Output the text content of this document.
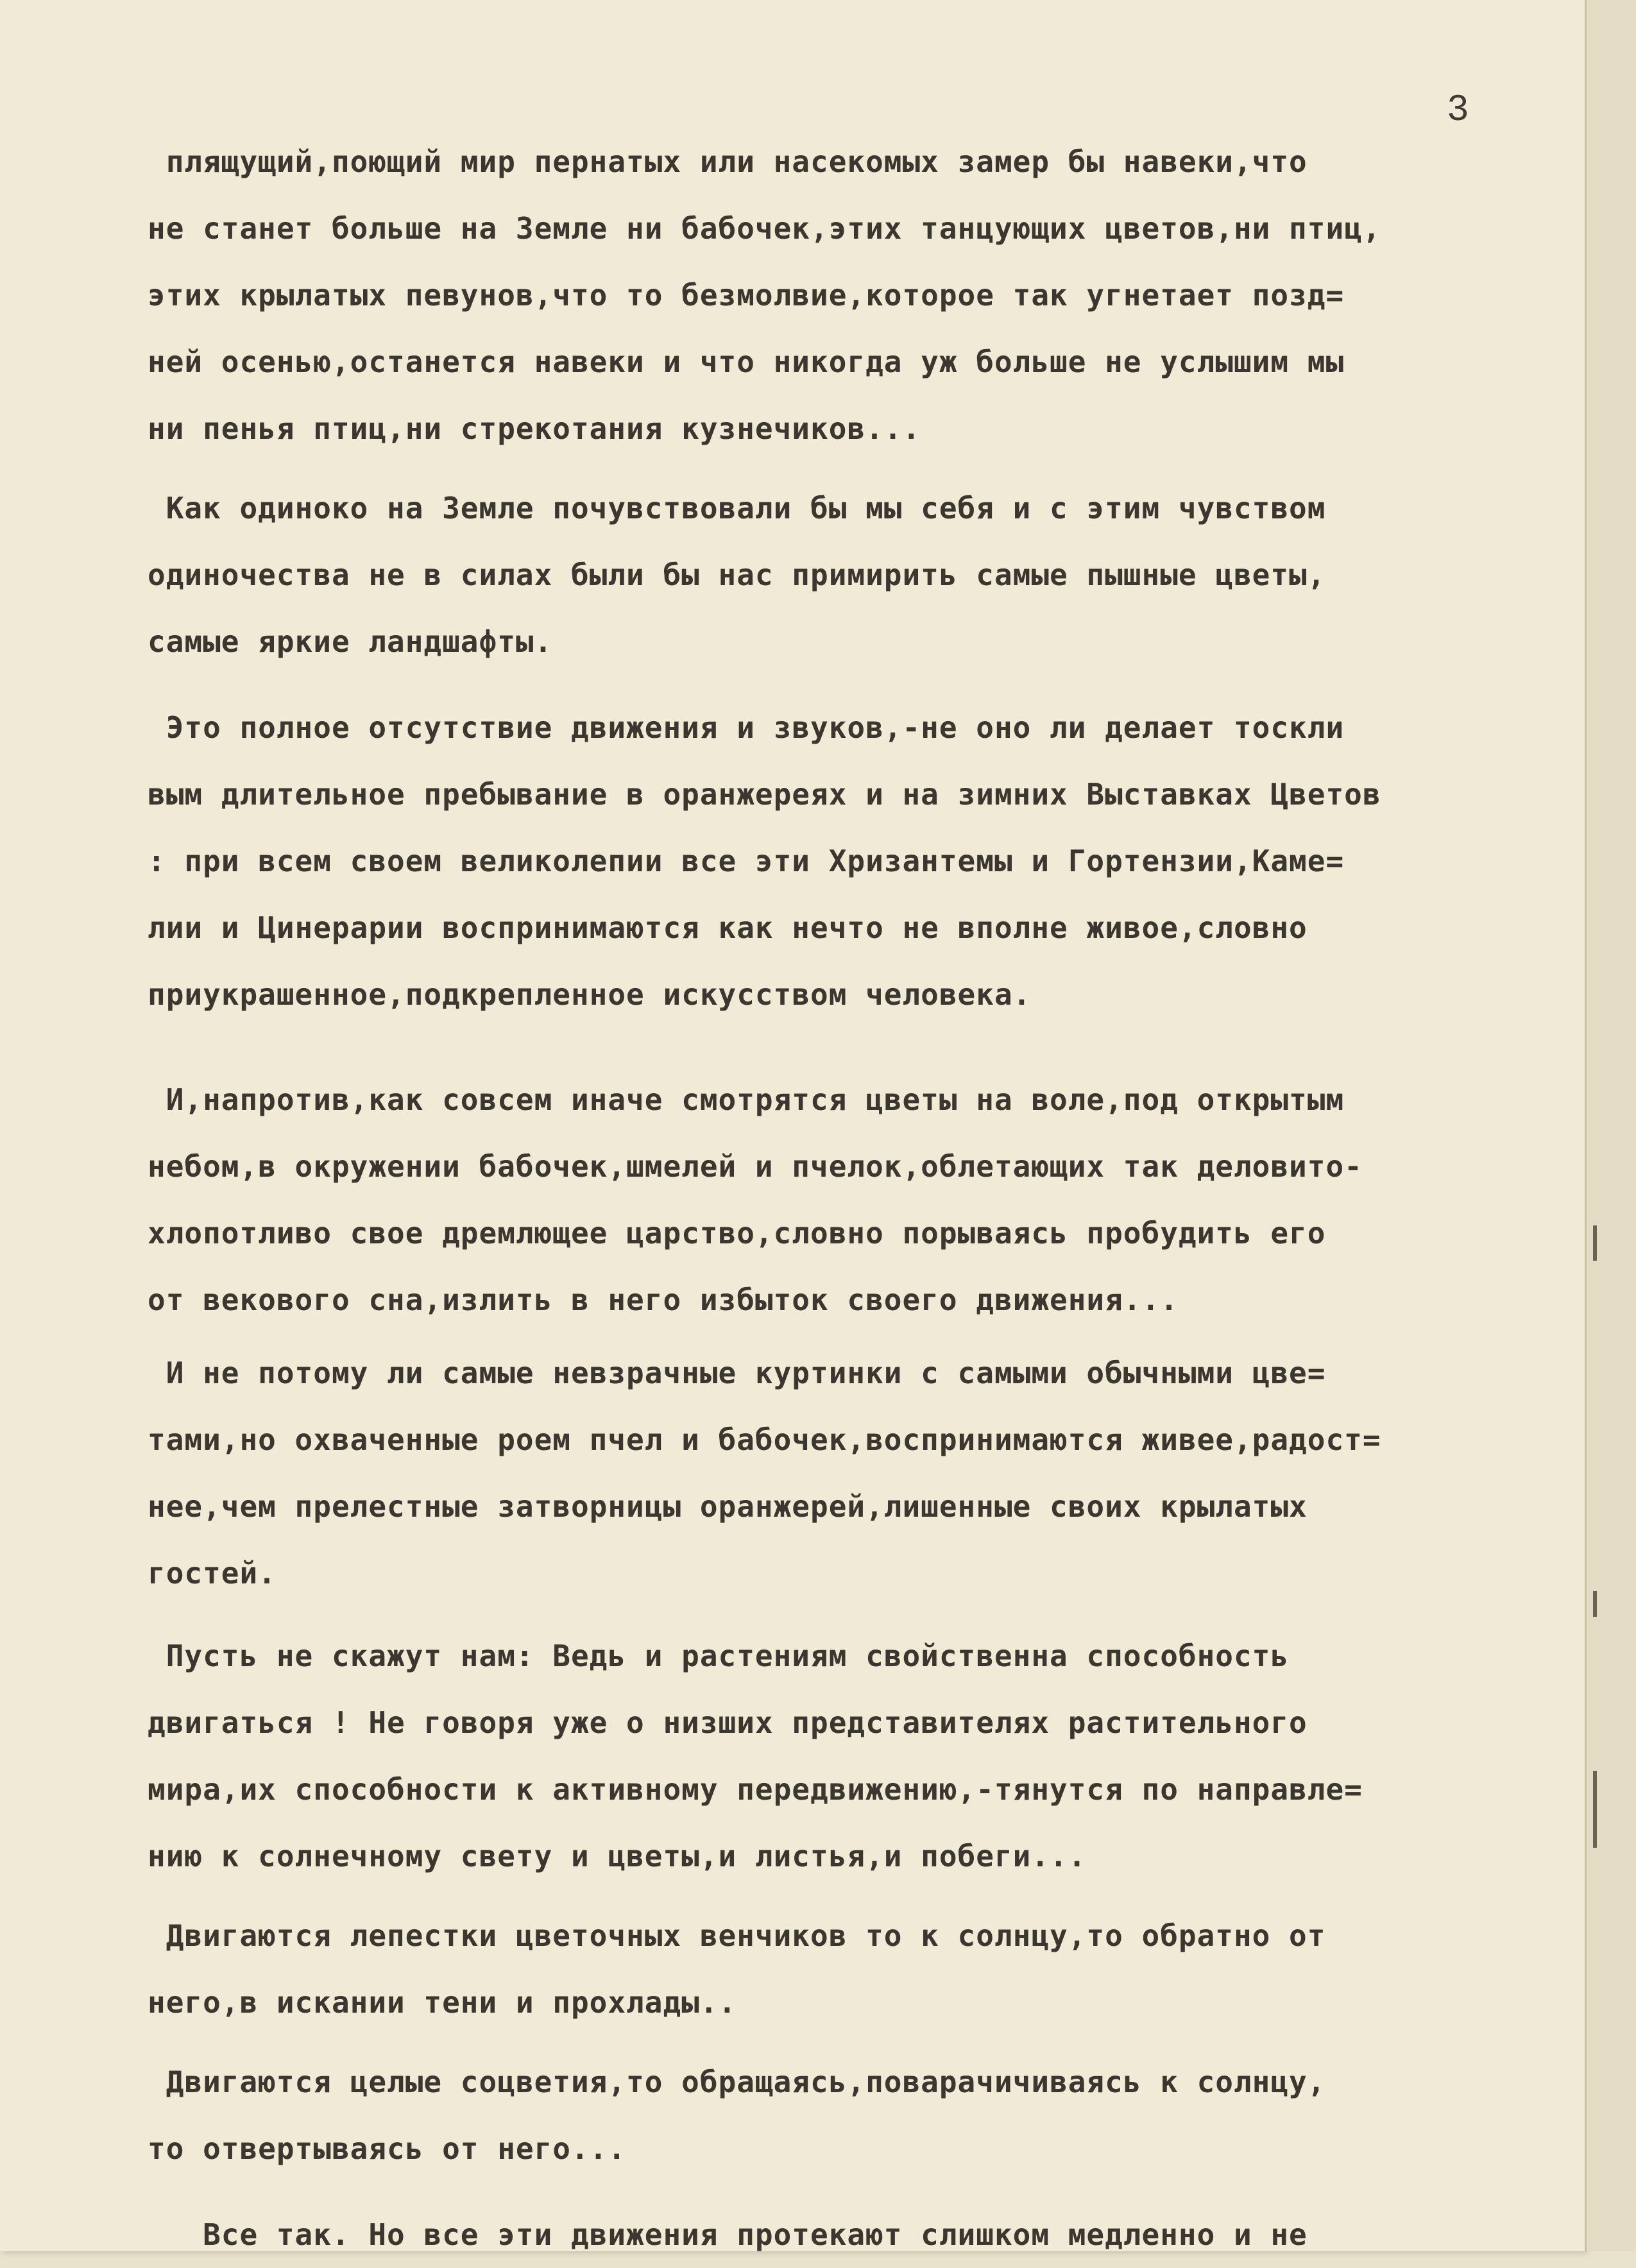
3
плящущий,поющий мир пернатых или насекомых замер бы навеки,что
не станет больше на Земле ни бабочек,этих танцующих цветов,ни птиц,
этих крылатых певунов,что то безмолвие,которое так угнетает позд=
ней осенью,останется навеки и что никогда уж больше не услышим мы
ни пенья птиц,ни стрекотания кузнечиков...
Как одиноко на Земле почувствовали бы мы себя и с этим чувством
одиночества не в силах были бы нас примирить самые пышные цветы,
самые яркие ландшафты.
Это полное отсутствие движения и звуков,-не оно ли делает тоскли
вым длительное пребывание в оранжереях и на зимних Выставках Цветов
: при всем своем великолепии все эти Хризантемы и Гортензии,Каме=
лии и Цинерарии воспринимаются как нечто не вполне живое,словно
приукрашенное,подкрепленное искусством человека.
И,напротив,как совсем иначе смотрятся цветы на воле,под открытым
небом,в окружении бабочек,шмелей и пчелок,облетающих так деловито-
хлопотливо свое дремлющее царство,словно порываясь пробудить его
от векового сна,излить в него избыток своего движения...
И не потому ли самые невзрачные куртинки с самыми обычными цве=
тами,но охваченные роем пчел и бабочек,воспринимаются живее,радост=
нее,чем прелестные затворницы оранжерей,лишенные своих крылатых
гостей.
Пусть не скажут нам: Ведь и растениям свойственна способность
двигаться ! Не говоря уже о низших представителях растительного
мира,их способности к активному передвижению,-тянутся по направле=
нию к солнечному свету и цветы,и листья,и побеги...
Двигаются лепестки цветочных венчиков то к солнцу,то обратно от
него,в искании тени и прохлады..
Двигаются целые соцветия,то обращаясь,поварачичиваясь к солнцу,
то отвертываясь от него...
Все так. Но все эти движения протекают слишком медленно и не
